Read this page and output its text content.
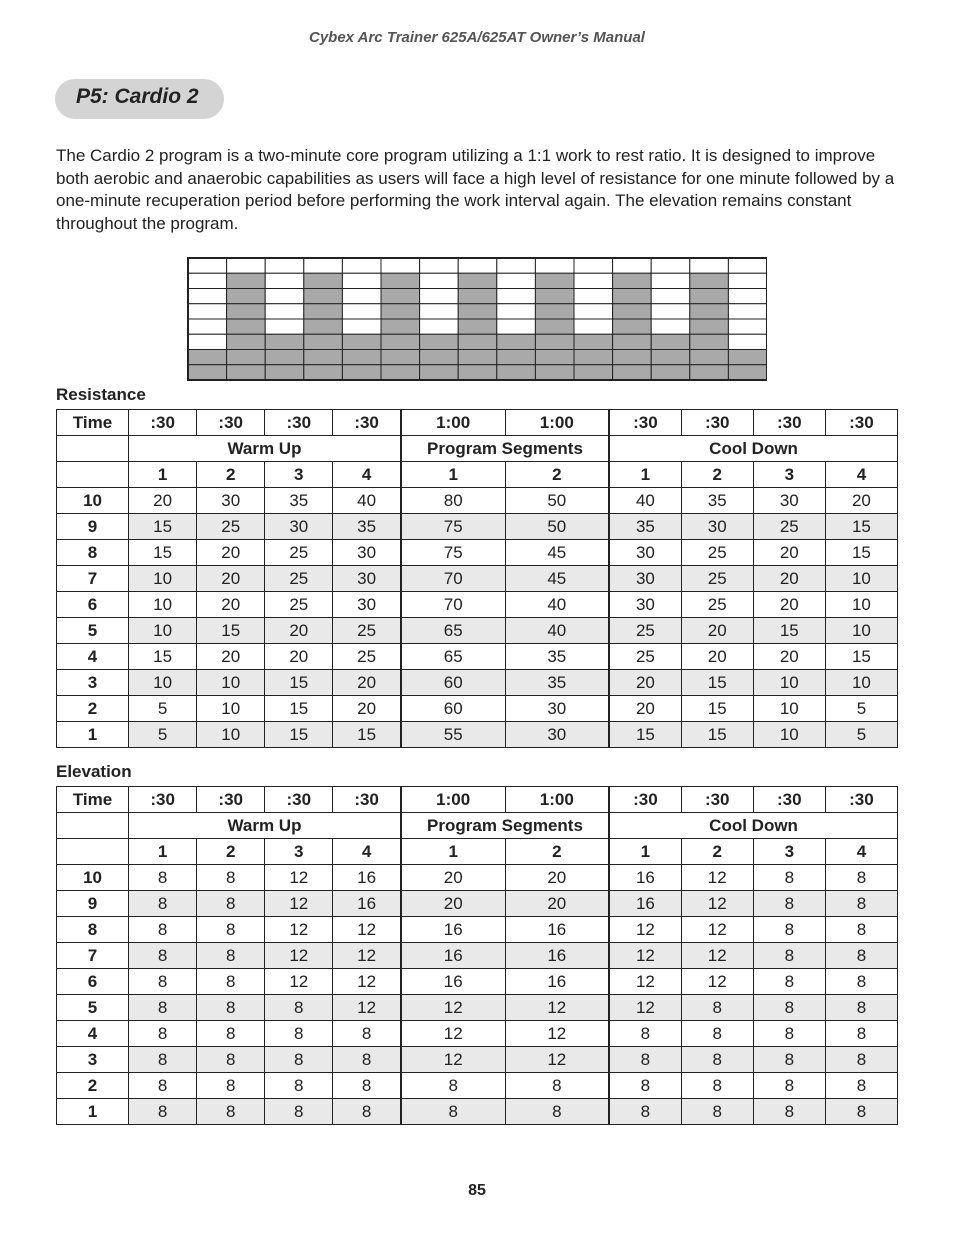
Cybex Arc Trainer 625A/625AT Owner’s Manual
P5: Cardio 2
The Cardio 2 program is a two-minute core program utilizing a 1:1 work to rest ratio. It is designed to improve both aerobic and anaerobic capabilities as users will face a high level of resistance for one minute followed by a one-minute recuperation period before performing the work interval again. The elevation remains constant throughout the program.
Resistance
Time	:30	:30	:30	:30	1:00	1:00	:30	:30	:30	:30
	Warm Up				Program Segments		Cool Down			
	1	2	3	4	1	2	1	2	3	4
10	20	30	35	40	80	50	40	35	30	20
9	15	25	30	35	75	50	35	30	25	15
8	15	20	25	30	75	45	30	25	20	15
7	10	20	25	30	70	45	30	25	20	10
6	10	20	25	30	70	40	30	25	20	10
5	10	15	20	25	65	40	25	20	15	10
4	15	20	20	25	65	35	25	20	20	15
3	10	10	15	20	60	35	20	15	10	10
2	5	10	15	20	60	30	20	15	10	5
1	5	10	15	15	55	30	15	15	10	5
Elevation
Time	:30	:30	:30	:30	1:00	1:00	:30	:30	:30	:30
	Warm Up				Program Segments		Cool Down			
	1	2	3	4	1	2	1	2	3	4
10	8	8	12	16	20	20	16	12	8	8
9	8	8	12	16	20	20	16	12	8	8
8	8	8	12	12	16	16	12	12	8	8
7	8	8	12	12	16	16	12	12	8	8
6	8	8	12	12	16	16	12	12	8	8
5	8	8	8	12	12	12	12	8	8	8
4	8	8	8	8	12	12	8	8	8	8
3	8	8	8	8	12	12	8	8	8	8
2	8	8	8	8	8	8	8	8	8	8
1	8	8	8	8	8	8	8	8	8	8
85
